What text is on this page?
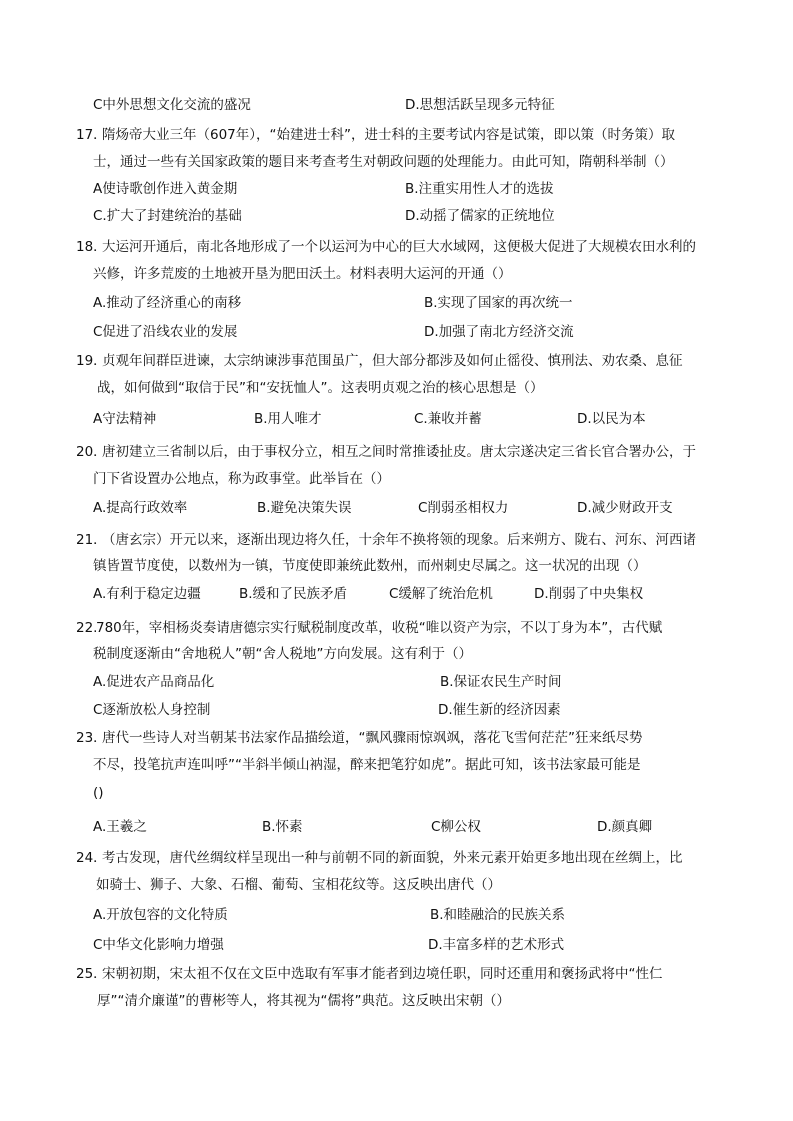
C中外思想文化交流的盛况	D.思想活跃呈现多元特征
17．
隋炀帝大业三年（607年），“始建进士科”，进士科的主要考试内容是试策，即以策（时务策）取
士，通过一些有关国家政策的题目来考查考生对朝政问题的处理能力。由此可知，隋朝科举制（）
A使诗歌创作进入黄金期	B.注重实用性人才的选拔
C.扩大了封建统治的基础	D.动摇了儒家的正统地位
18．
大运河开通后，南北各地形成了一个以运河为中心的巨大水域网，这便极大促进了大规模农田水利的
兴修，许多荒废的土地被开垦为肥田沃土。材料表明大运河的开通（）
A.推动了经济重心的南移	B.实现了国家的再次统一
C促进了沿线农业的发展	D.加强了南北方经济交流
19．
贞观年间群臣进谏，太宗纳谏涉事范围虽广，但大部分都涉及如何止徭役、慎刑法、劝农桑、息征
战，如何做到“取信于民”和“安抚恤人”。这表明贞观之治的核心思想是（）
A守法精神	B.用人唯才	C.兼收并蓄	D.以民为本
20．
唐初建立三省制以后，由于事权分立，相互之间时常推诿扯皮。唐太宗遂决定三省长官合署办公，于
门下省设置办公地点，称为政事堂。此举旨在（）
A.提高行政效率	B.避免决策失误	C削弱丞相权力	D.减少财政开支
21．
（唐玄宗）开元以来，逐渐出现边将久任，十余年不换将领的现象。后来朔方、陇右、河东、河西诸
镇皆置节度使，以数州为一镇，节度使即兼统此数州，而州刺史尽属之。这一状况的出现（）
A.有利于稳定边疆	B.缓和了民族矛盾	C缓解了统治危机	D.削弱了中央集权
22.
780年，宰相杨炎奏请唐德宗实行赋税制度改革，收税“唯以资产为宗，不以丁身为本”，古代赋
税制度逐渐由“舍地税人”朝“舍人税地”方向发展。这有利于（）
A.促进农产品商品化	B.保证农民生产时间
C逐渐放松人身控制	D.催生新的经济因素
23．
唐代一些诗人对当朝某书法家作品描绘道，“飘风骤雨惊飒飒，落花飞雪何茫茫”狂来纸尽势
不尽，投笔抗声连叫呼”“半斜半倾山衲湿，醉来把笔狞如虎”。据此可知，该书法家最可能是
()
A.王羲之	B.怀素	C柳公权	D.颜真卿
24．
考古发现，唐代丝绸纹样呈现出一种与前朝不同的新面貌，外来元素开始更多地出现在丝绸上，比
如骑士、狮子、大象、石榴、葡萄、宝相花纹等。这反映出唐代（）
A.开放包容的文化特质	B.和睦融洽的民族关系
C中华文化影响力增强	D.丰富多样的艺术形式
25．
宋朝初期，宋太祖不仅在文臣中选取有军事才能者到边境任职，同时还重用和褒扬武将中“性仁
厚”“清介廉谨”的曹彬等人，将其视为“儒将”典范。这反映出宋朝（）
